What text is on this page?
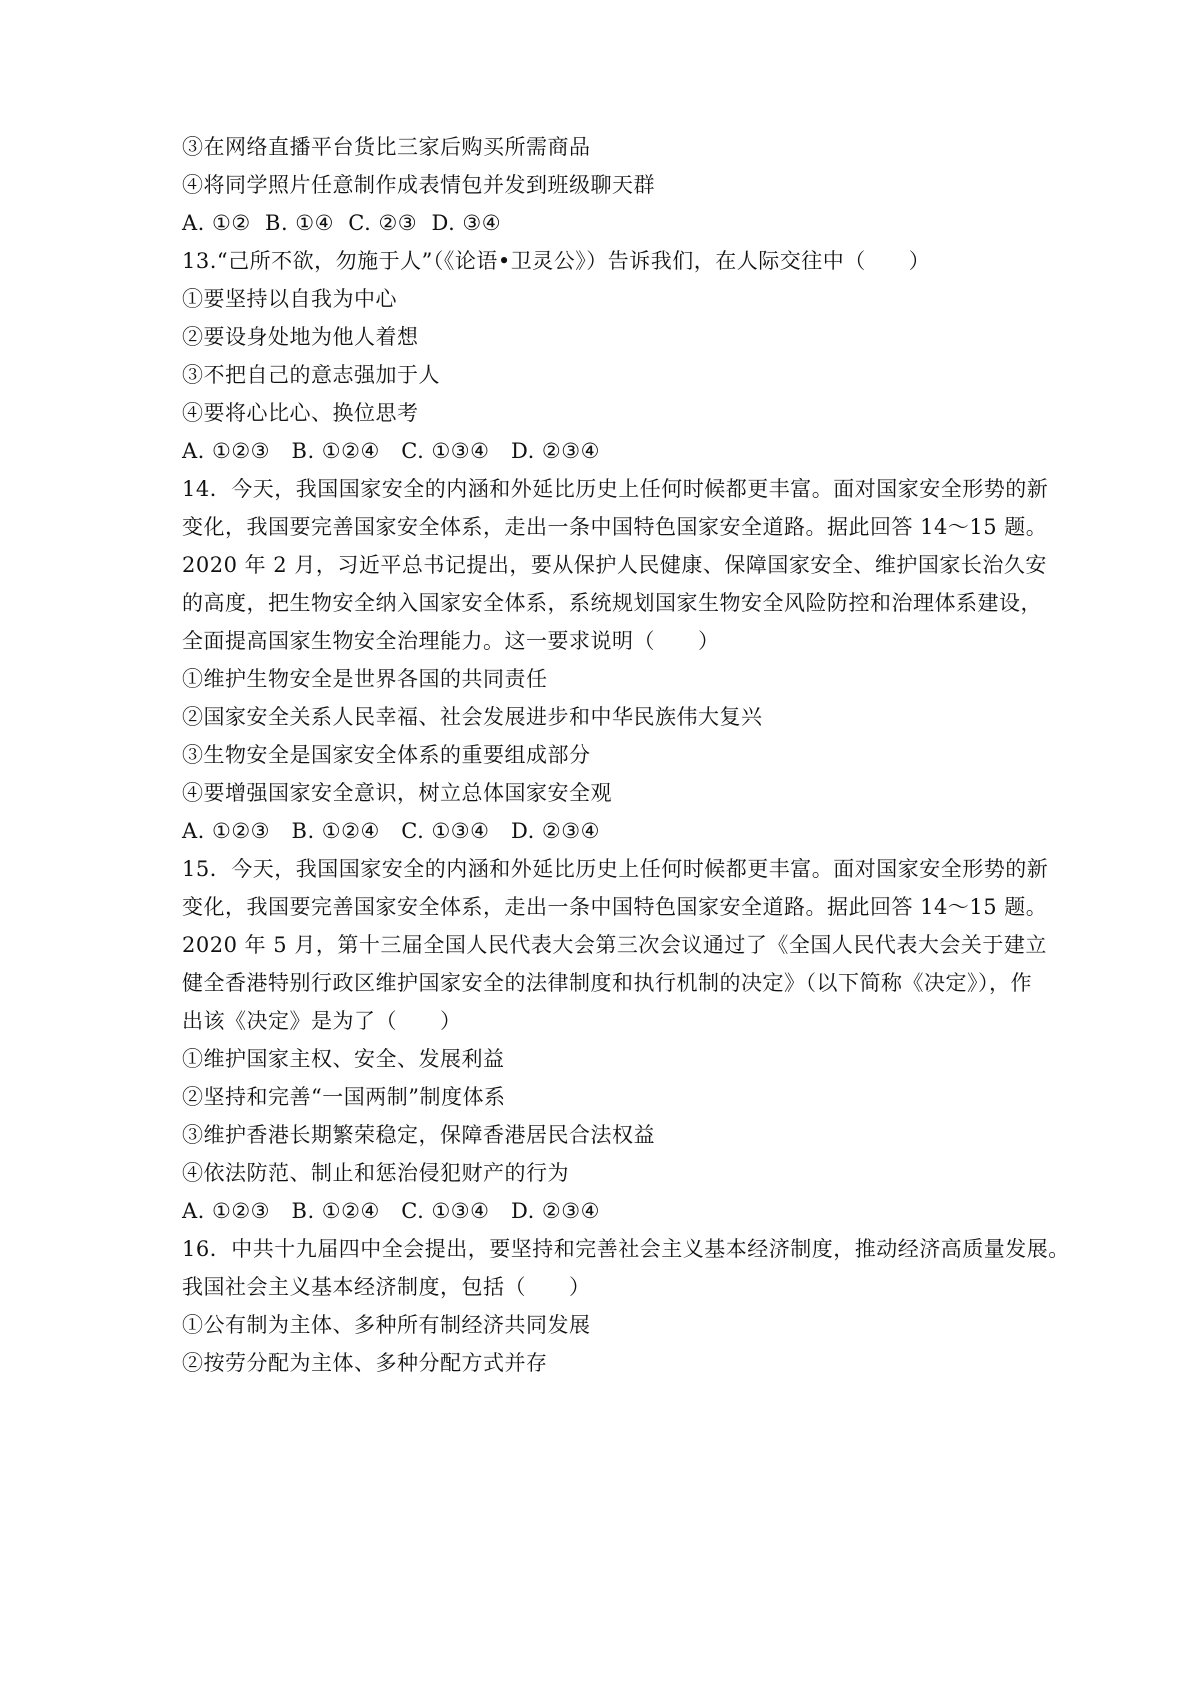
③在网络直播平台货比三家后购买所需商品
④将同学照片任意制作成表情包并发到班级聊天群
A. ①②  B. ①④  C. ②③  D. ③④
13.“己所不欲，勿施于人”（《论语•卫灵公》）告诉我们，在人际交往中（　　）
①要坚持以自我为中心
②要设身处地为他人着想
③不把自己的意志强加于人
④要将心比心、换位思考
A. ①②③   B. ①②④   C. ①③④   D. ②③④
14．今天，我国国家安全的内涵和外延比历史上任何时候都更丰富。面对国家安全形势的新
变化，我国要完善国家安全体系，走出一条中国特色国家安全道路。据此回答 14～15 题。
2020 年 2 月，习近平总书记提出，要从保护人民健康、保障国家安全、维护国家长治久安
的高度，把生物安全纳入国家安全体系，系统规划国家生物安全风险防控和治理体系建设，
全面提高国家生物安全治理能力。这一要求说明（　　）
①维护生物安全是世界各国的共同责任
②国家安全关系人民幸福、社会发展进步和中华民族伟大复兴
③生物安全是国家安全体系的重要组成部分
④要增强国家安全意识，树立总体国家安全观
A. ①②③   B. ①②④   C. ①③④   D. ②③④
15．今天，我国国家安全的内涵和外延比历史上任何时候都更丰富。面对国家安全形势的新
变化，我国要完善国家安全体系，走出一条中国特色国家安全道路。据此回答 14～15 题。
2020 年 5 月，第十三届全国人民代表大会第三次会议通过了《全国人民代表大会关于建立
健全香港特别行政区维护国家安全的法律制度和执行机制的决定》（以下简称《决定》），作
出该《决定》是为了（　　）
①维护国家主权、安全、发展利益
②坚持和完善“一国两制”制度体系
③维护香港长期繁荣稳定，保障香港居民合法权益
④依法防范、制止和惩治侵犯财产的行为
A. ①②③   B. ①②④   C. ①③④   D. ②③④
16．中共十九届四中全会提出，要坚持和完善社会主义基本经济制度，推动经济高质量发展。
我国社会主义基本经济制度，包括（　　）
①公有制为主体、多种所有制经济共同发展
②按劳分配为主体、多种分配方式并存
